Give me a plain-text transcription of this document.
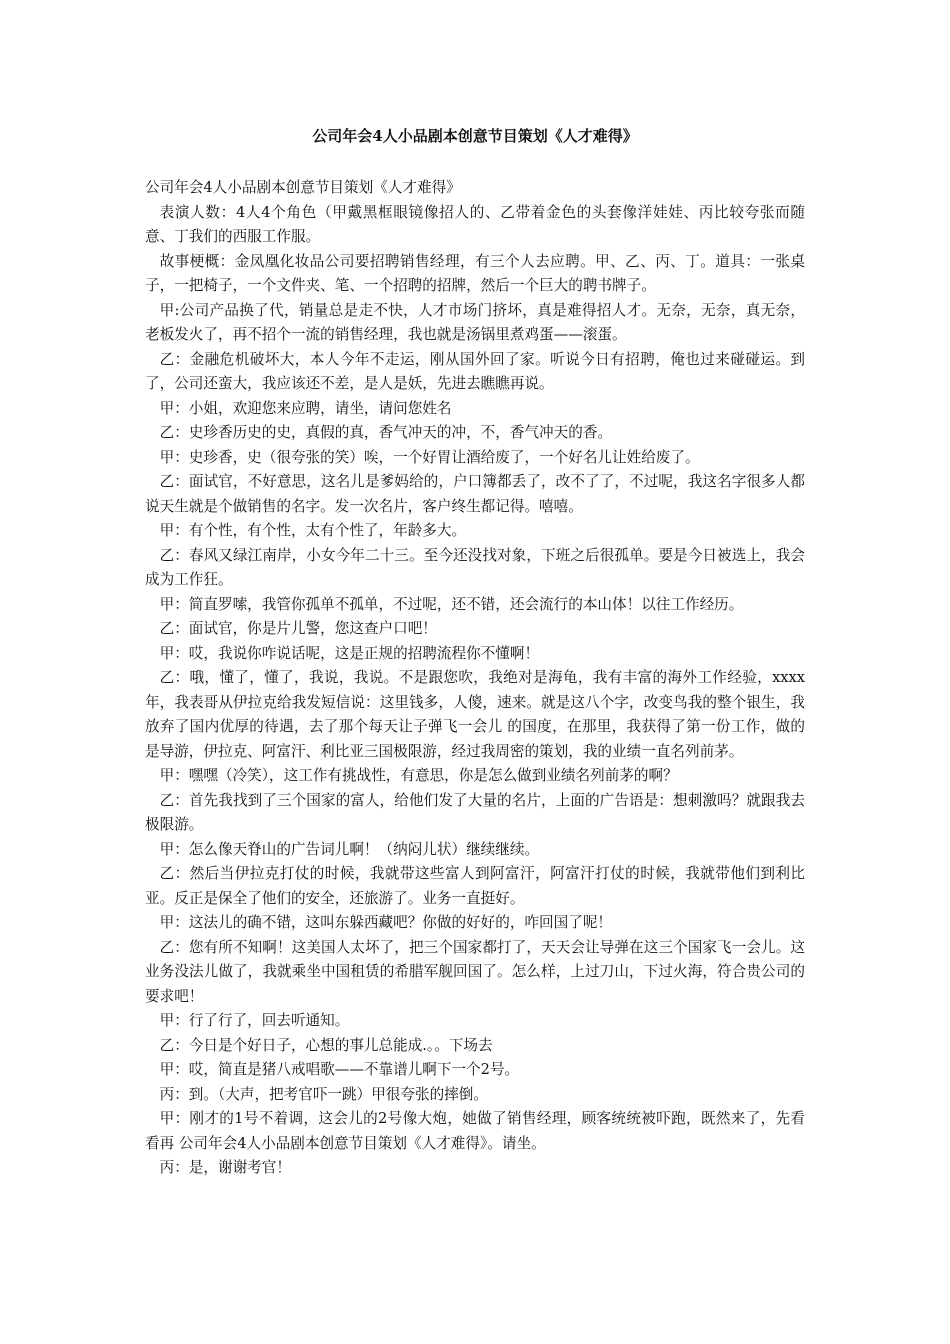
公司年会4人小品剧本创意节目策划《人才难得》

公司年会4人小品剧本创意节目策划《人才难得》

表演人数：4人4个角色（甲戴黑框眼镜像招人的、乙带着金色的头套像洋娃娃、丙比较夸张而随意、丁我们的西服工作服。

故事梗概：金凤凰化妆品公司要招聘销售经理，有三个人去应聘。甲、乙、丙、丁。道具：一张桌子，一把椅子，一个文件夹、笔、一个招聘的招牌，然后一个巨大的聘书牌子。

甲:公司产品换了代，销量总是走不快，人才市场门挤坏，真是难得招人才。无奈，无奈，真无奈，老板发火了，再不招个一流的销售经理，我也就是汤锅里煮鸡蛋——滚蛋。

乙：金融危机破坏大，本人今年不走运，刚从国外回了家。听说今日有招聘，俺也过来碰碰运。到了，公司还蛮大，我应该还不差，是人是妖，先进去瞧瞧再说。

甲：小姐，欢迎您来应聘，请坐，请问您姓名

乙：史珍香历史的史，真假的真，香气冲天的冲，不，香气冲天的香。

甲：史珍香，史（很夸张的笑）唉，一个好胃让酒给废了，一个好名儿让姓给废了。

乙：面试官，不好意思，这名儿是爹妈给的，户口簿都丢了，改不了了，不过呢，我这名字很多人都说天生就是个做销售的名字。发一次名片，客户终生都记得。嘻嘻。

甲：有个性，有个性，太有个性了，年龄多大。

乙：春风又绿江南岸，小女今年二十三。至今还没找对象，下班之后很孤单。要是今日被选上，我会成为工作狂。

甲：简直罗嗦，我管你孤单不孤单，不过呢，还不错，还会流行的本山体！以往工作经历。

乙：面试官，你是片儿警，您这查户口吧！

甲：哎，我说你咋说话呢，这是正规的招聘流程你不懂啊！

乙：哦，懂了，懂了，我说，我说。不是跟您吹，我绝对是海龟，我有丰富的海外工作经验，xxxx年，我表哥从伊拉克给我发短信说：这里钱多，人傻，速来。就是这八个字，改变鸟我的整个银生，我放弃了国内优厚的待遇，去了那个每天让子弹飞一会儿 的国度，在那里，我获得了第一份工作，做的是导游，伊拉克、阿富汗、利比亚三国极限游，经过我周密的策划，我的业绩一直名列前茅。

甲：嘿嘿（冷笑），这工作有挑战性，有意思，你是怎么做到业绩名列前茅的啊？

乙：首先我找到了三个国家的富人，给他们发了大量的名片，上面的广告语是：想刺激吗？就跟我去极限游。

甲：怎么像天脊山的广告词儿啊！（纳闷儿状）继续继续。

乙：然后当伊拉克打仗的时候，我就带这些富人到阿富汗，阿富汗打仗的时候，我就带他们到利比亚。反正是保全了他们的安全，还旅游了。业务一直挺好。

甲：这法儿的确不错，这叫东躲西藏吧？你做的好好的，咋回国了呢！

乙：您有所不知啊！这美国人太坏了，把三个国家都打了，天天会让导弹在这三个国家飞一会儿。这业务没法儿做了，我就乘坐中国租赁的希腊军舰回国了。怎么样，上过刀山，下过火海，符合贵公司的要求吧！

甲：行了行了，回去听通知。

乙：今日是个好日子，心想的事儿总能成.。。下场去

甲：哎，简直是猪八戒唱歌——不靠谱儿啊下一个2号。

丙：到。（大声，把考官吓一跳）甲很夸张的摔倒。

甲：刚才的1号不着调，这会儿的2号像大炮，她做了销售经理，顾客统统被吓跑，既然来了，先看看再 公司年会4人小品剧本创意节目策划《人才难得》。请坐。

丙：是，谢谢考官！
